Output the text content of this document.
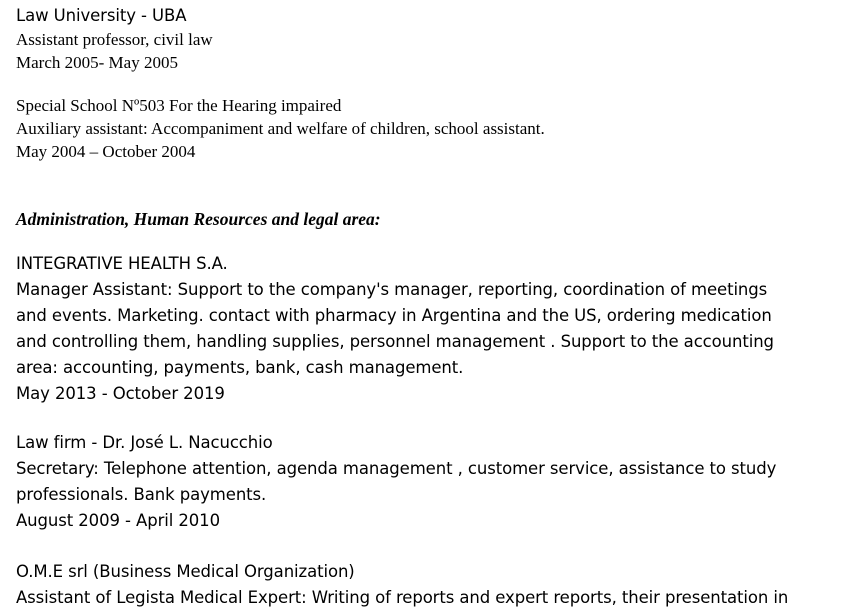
Law University - UBA
Assistant professor, civil law
March 2005- May 2005
Special School Nº503 For the Hearing impaired
Auxiliary assistant: Accompaniment and welfare of children, school assistant.
May 2004 – October 2004
Administration, Human Resources and legal area:
INTEGRATIVE HEALTH S.A.
Manager Assistant: Support to the company's manager, reporting, coordination of meetings
and events. Marketing. contact with pharmacy in Argentina and the US, ordering medication
and controlling them, handling supplies, personnel management . Support to the accounting
area: accounting, payments, bank, cash management.
May 2013 - October 2019
Law firm - Dr. José L. Nacucchio
Secretary: Telephone attention, agenda management , customer service, assistance to study
professionals. Bank payments.
August 2009 - April 2010
O.M.E srl (Business Medical Organization)
Assistant of Legista Medical Expert: Writing of reports and expert reports, their presentation in
